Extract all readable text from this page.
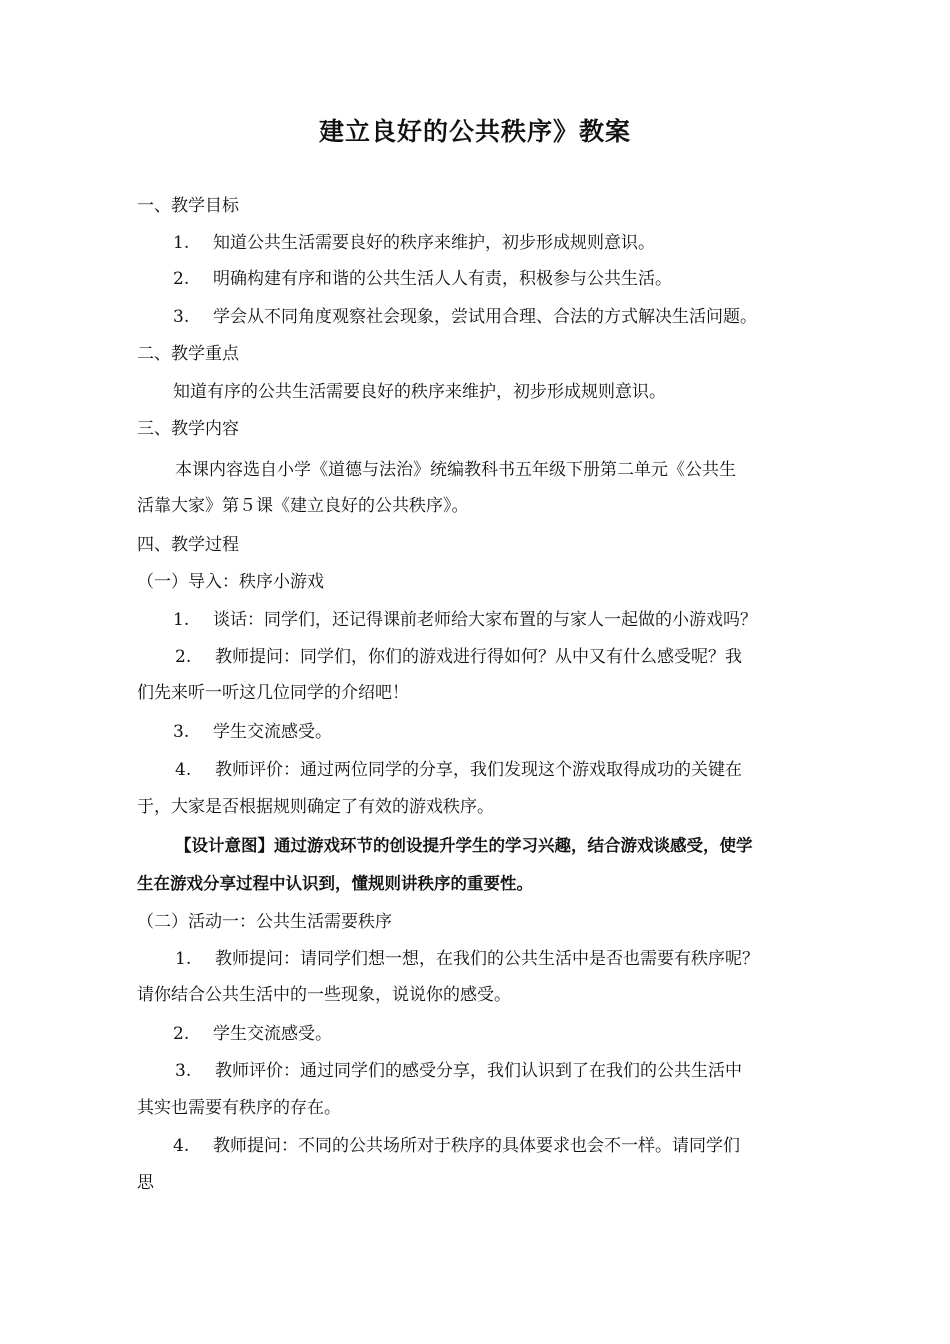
建立良好的公共秩序》教案
一、教学目标
1. 知道公共生活需要良好的秩序来维护，初步形成规则意识。
2. 明确构建有序和谐的公共生活人人有责，积极参与公共生活。
3. 学会从不同角度观察社会现象，尝试用合理、合法的方式解决生活问题。
二、教学重点
知道有序的公共生活需要良好的秩序来维护，初步形成规则意识。
三、教学内容
本课内容选自小学《道德与法治》统编教科书五年级下册第二单元《公共生
活靠大家》第５课《建立良好的公共秩序》。
四、教学过程
（一）导入：秩序小游戏
1. 谈话：同学们，还记得课前老师给大家布置的与家人一起做的小游戏吗？
2. 教师提问：同学们，你们的游戏进行得如何？从中又有什么感受呢？我
们先来听一听这几位同学的介绍吧！
3. 学生交流感受。
4. 教师评价：通过两位同学的分享，我们发现这个游戏取得成功的关键在
于，大家是否根据规则确定了有效的游戏秩序。
【设计意图】通过游戏环节的创设提升学生的学习兴趣，结合游戏谈感受，使学
生在游戏分享过程中认识到，懂规则讲秩序的重要性。
（二）活动一：公共生活需要秩序
1. 教师提问：请同学们想一想，在我们的公共生活中是否也需要有秩序呢？
请你结合公共生活中的一些现象，说说你的感受。
2. 学生交流感受。
3. 教师评价：通过同学们的感受分享，我们认识到了在我们的公共生活中
其实也需要有秩序的存在。
4. 教师提问：不同的公共场所对于秩序的具体要求也会不一样。请同学们
思
